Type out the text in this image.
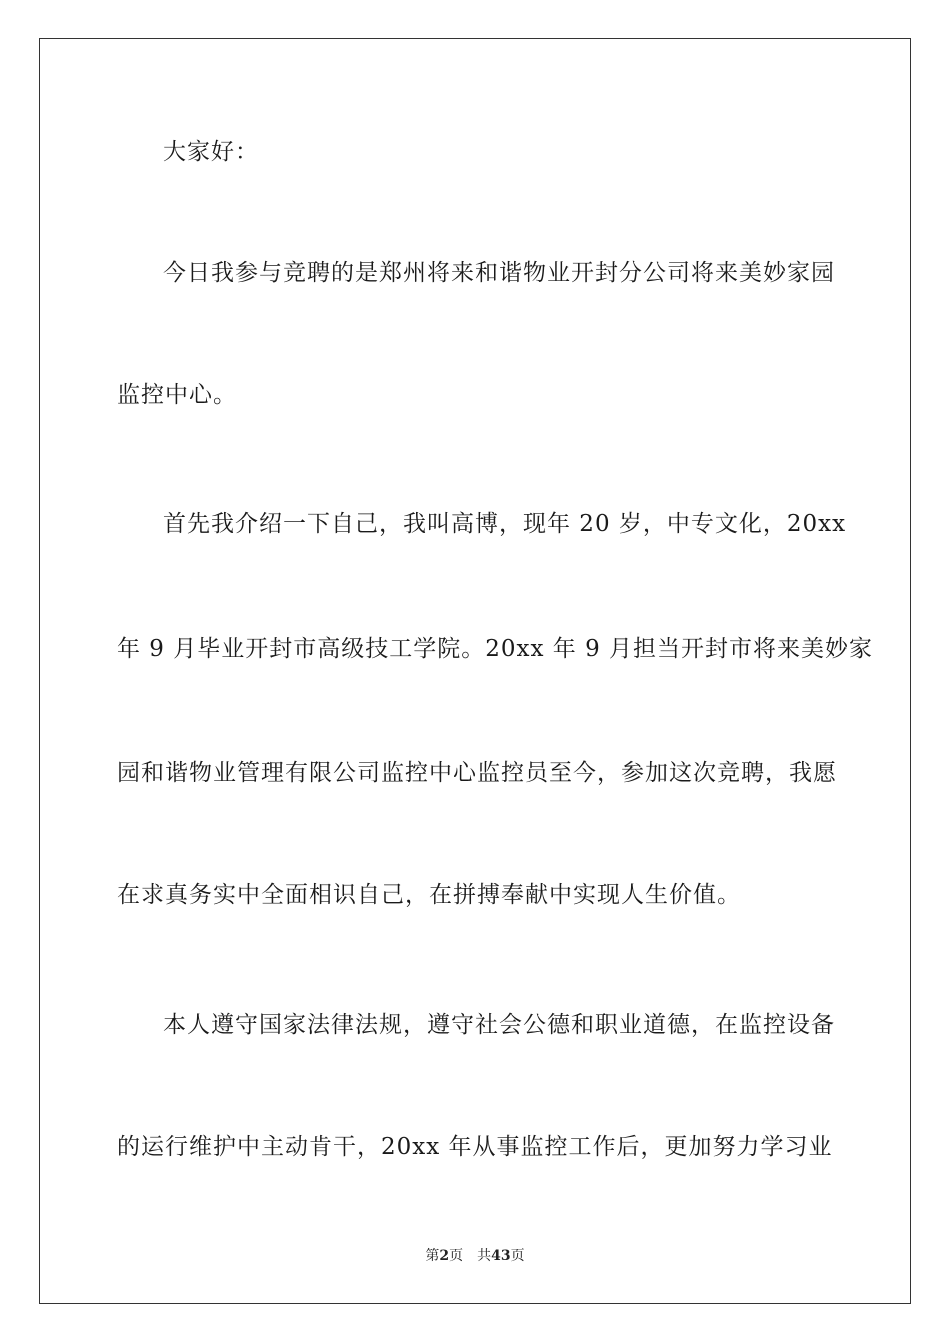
大家好：
今日我参与竞聘的是郑州将来和谐物业开封分公司将来美妙家园
监控中心。
首先我介绍一下自己，我叫高博，现年 20 岁，中专文化，20xx
年 9 月毕业开封市高级技工学院。20xx 年 9 月担当开封市将来美妙家
园和谐物业管理有限公司监控中心监控员至今，参加这次竞聘，我愿
在求真务实中全面相识自己，在拼搏奉献中实现人生价值。
本人遵守国家法律法规，遵守社会公德和职业道德，在监控设备
的运行维护中主动肯干，20xx 年从事监控工作后，更加努力学习业
第2页 共43页
